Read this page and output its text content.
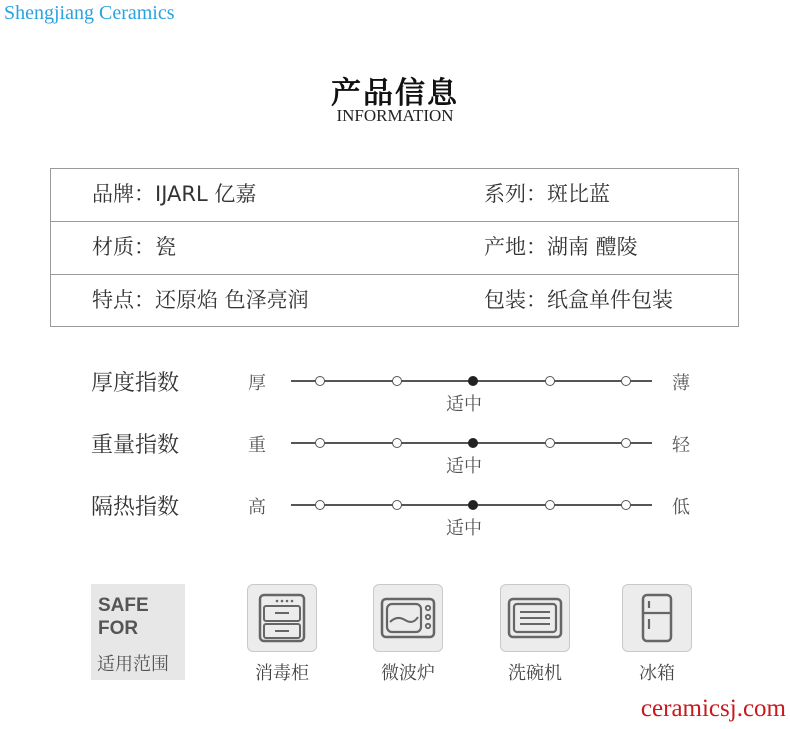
Shengjiang Ceramics
产品信息
INFORMATION
品牌：IJARL 亿嘉	系列：斑比蓝
材质：瓷	产地：湖南 醴陵
特点：还原焰 色泽亮润	包装：纸盒单件包装
厚度指数	厚	薄
适中
重量指数	重	轻
适中
隔热指数	高	低
适中
SAFE
FOR
适用范围	消毒柜	微波炉	洗碗机	冰箱
ceramicsj.com
